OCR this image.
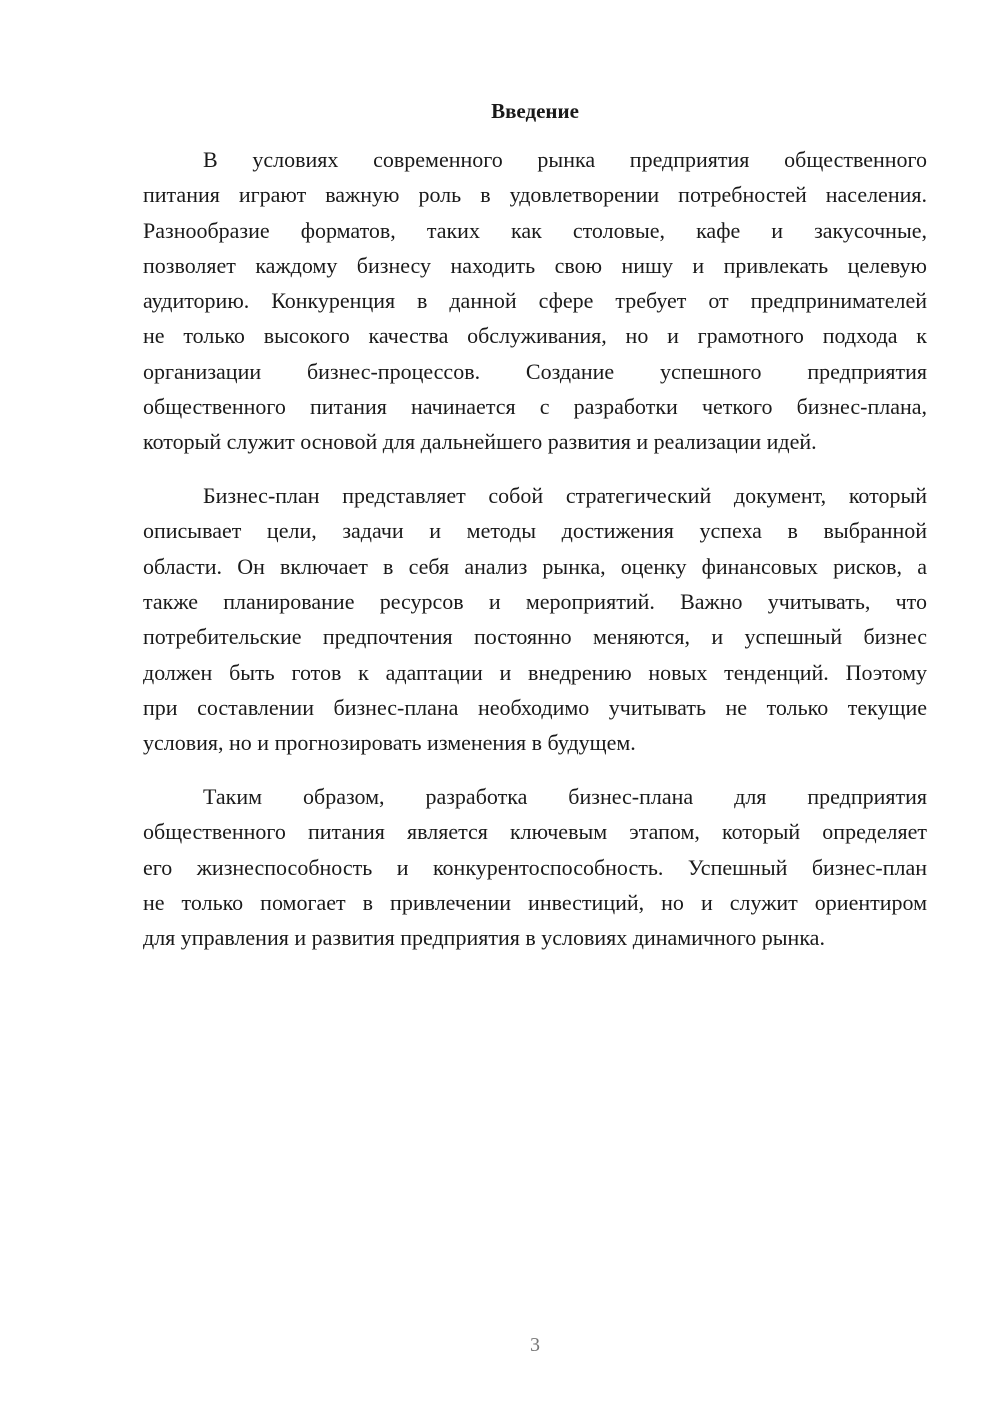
Введение
В условиях современного рынка предприятия общественного
питания играют важную роль в удовлетворении потребностей населения.
Разнообразие форматов, таких как столовые, кафе и закусочные,
позволяет каждому бизнесу находить свою нишу и привлекать целевую
аудиторию. Конкуренция в данной сфере требует от предпринимателей
не только высокого качества обслуживания, но и грамотного подхода к
организации бизнес-процессов. Создание успешного предприятия
общественного питания начинается с разработки четкого бизнес-плана,
который служит основой для дальнейшего развития и реализации идей.
Бизнес-план представляет собой стратегический документ, который
описывает цели, задачи и методы достижения успеха в выбранной
области. Он включает в себя анализ рынка, оценку финансовых рисков, а
также планирование ресурсов и мероприятий. Важно учитывать, что
потребительские предпочтения постоянно меняются, и успешный бизнес
должен быть готов к адаптации и внедрению новых тенденций. Поэтому
при составлении бизнес-плана необходимо учитывать не только текущие
условия, но и прогнозировать изменения в будущем.
Таким образом, разработка бизнес-плана для предприятия
общественного питания является ключевым этапом, который определяет
его жизнеспособность и конкурентоспособность. Успешный бизнес-план
не только помогает в привлечении инвестиций, но и служит ориентиром
для управления и развития предприятия в условиях динамичного рынка.
3
